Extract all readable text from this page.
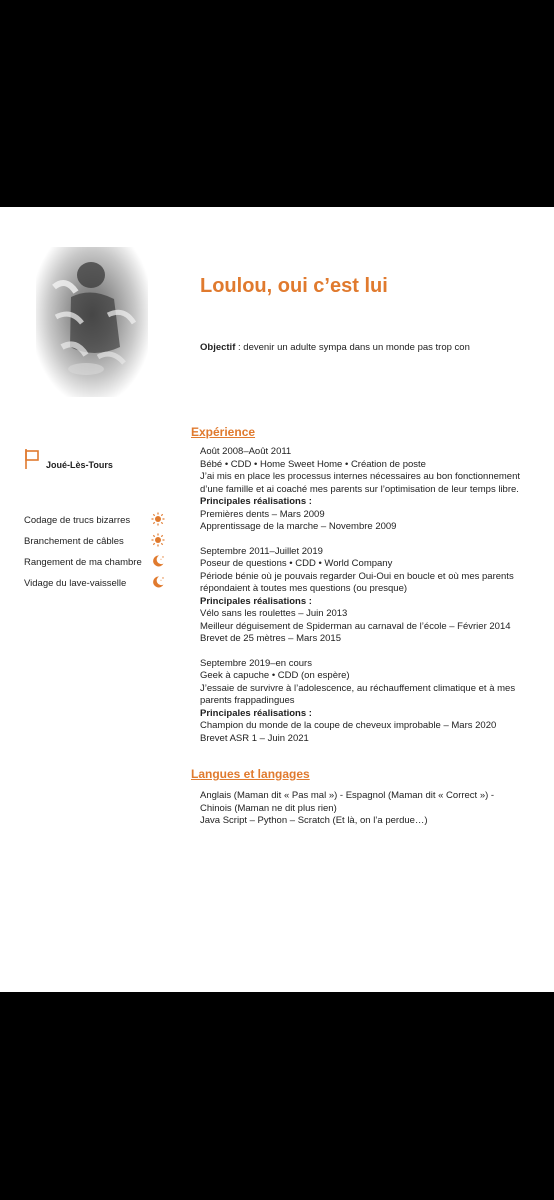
Loulou, oui c’est lui
Objectif : devenir un adulte sympa dans un monde pas trop con
Joué-Lès-Tours
Codage de trucs bizarres
Branchement de câbles
Rangement de ma chambre
Vidage du lave-vaisselle
Expérience

Août 2008–Août 2011

Bébé • CDD • Home Sweet Home • Création de poste

J’ai mis en place les processus internes nécessaires au bon fonctionnement d’une famille et ai coaché mes parents sur l’optimisation de leur temps libre.

Principales réalisations :

Premières dents – Mars 2009

Apprentissage de la marche – Novembre 2009

Septembre 2011–Juillet 2019

Poseur de questions • CDD • World Company

Période bénie où je pouvais regarder Oui-Oui en boucle et où mes parents répondaient à toutes mes questions (ou presque)

Principales réalisations :

Vélo sans les roulettes – Juin 2013

Meilleur déguisement de Spiderman au carnaval de l’école – Février 2014

Brevet de 25 mètres – Mars 2015

Septembre 2019–en cours

Geek à capuche • CDD (on espère)

J’essaie de survivre à l’adolescence, au réchauffement climatique et à mes parents frappadingues

Principales réalisations :

Champion du monde de la coupe de cheveux improbable – Mars 2020

Brevet ASR 1 – Juin 2021

Langues et langages

Anglais (Maman dit « Pas mal ») - Espagnol (Maman dit « Correct ») - Chinois (Maman ne dit plus rien)

Java Script – Python – Scratch (Et là, on l’a perdue…)
